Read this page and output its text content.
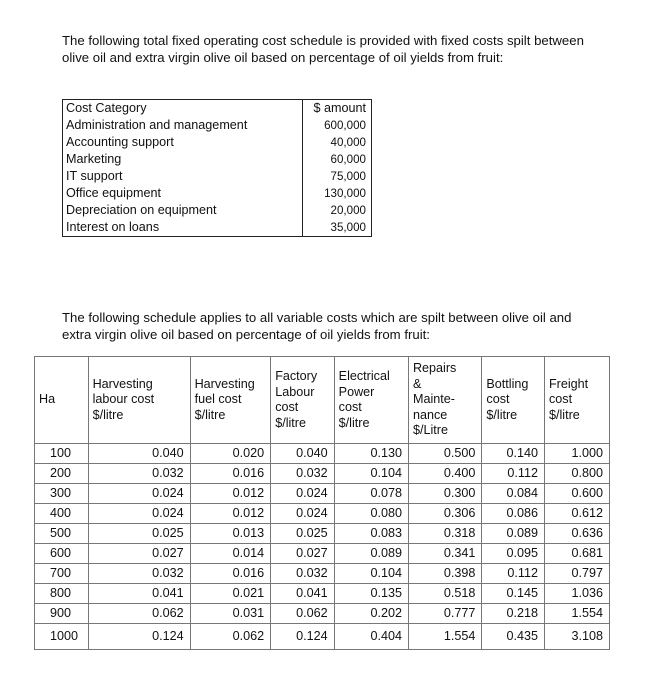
The following total fixed operating cost schedule is provided with fixed costs spilt between olive oil and extra virgin olive oil based on percentage of oil yields from fruit:

Cost Category	$ amount
Administration and management	600,000
Accounting support	40,000
Marketing	60,000
IT support	75,000
Office equipment	130,000
Depreciation on equipment	20,000
Interest on loans	35,000

The following schedule applies to all variable costs which are spilt between olive oil and extra virgin olive oil based on percentage of oil yields from fruit:

Ha	Harvesting
labour cost
$/litre	Harvesting
fuel cost
$/litre	Factory
Labour
cost
$/litre	Electrical
Power
cost
$/litre	Repairs
&
Mainte-
nance
$/Litre	Bottling
cost
$/litre	Freight
cost
$/litre
100	0.040	0.020	0.040	0.130	0.500	0.140	1.000
200	0.032	0.016	0.032	0.104	0.400	0.112	0.800
300	0.024	0.012	0.024	0.078	0.300	0.084	0.600
400	0.024	0.012	0.024	0.080	0.306	0.086	0.612
500	0.025	0.013	0.025	0.083	0.318	0.089	0.636
600	0.027	0.014	0.027	0.089	0.341	0.095	0.681
700	0.032	0.016	0.032	0.104	0.398	0.112	0.797
800	0.041	0.021	0.041	0.135	0.518	0.145	1.036
900	0.062	0.031	0.062	0.202	0.777	0.218	1.554
1000	0.124	0.062	0.124	0.404	1.554	0.435	3.108
